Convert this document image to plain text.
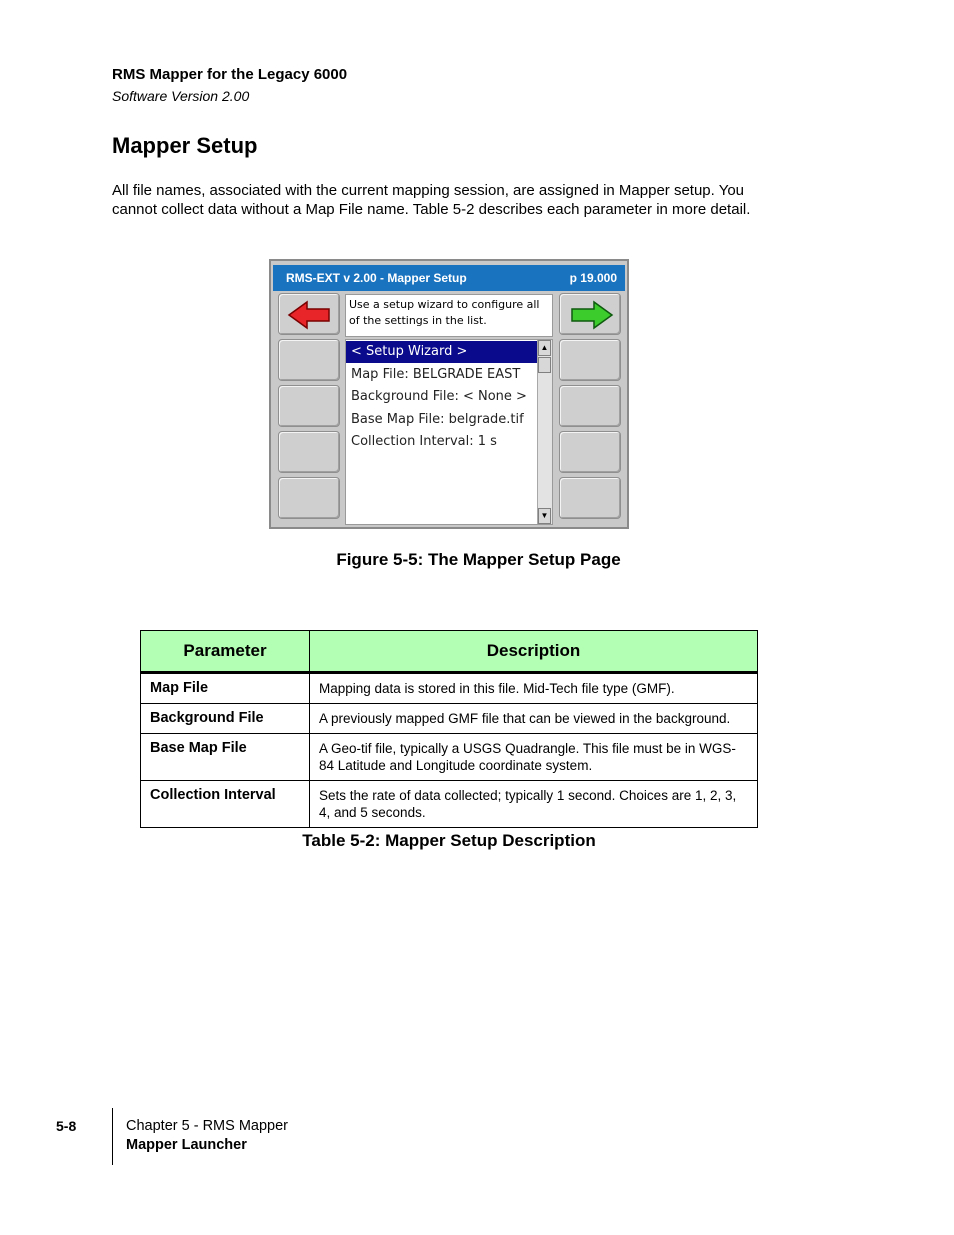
RMS Mapper for the Legacy 6000
Software Version 2.00
Mapper Setup
All file names, associated with the current mapping session, are assigned in Mapper setup. You cannot collect data without a Map File name. Table 5-2 describes each parameter in more detail.
RMS-EXT v 2.00 - Mapper Setup	p 19.000
Use a setup wizard to configure all of the settings in the list.
< Setup Wizard >
Map File: BELGRADE EAST
Background File: < None >
Base Map File: belgrade.tif
Collection Interval: 1 s
▲
▼
Figure 5-5: The Mapper Setup Page
Parameter	Description
Map File	Mapping data is stored in this file. Mid-Tech file type (GMF).
Background File	A previously mapped GMF file that can be viewed in the background.
Base Map File	A Geo-tif file, typically a USGS Quadrangle. This file must be in WGS-84 Latitude and Longitude coordinate system.
Collection Interval	Sets the rate of data collected; typically 1 second. Choices are 1, 2, 3, 4, and 5 seconds.
Table 5-2: Mapper Setup Description
5-8	Chapter 5 - RMS Mapper
Mapper Launcher
